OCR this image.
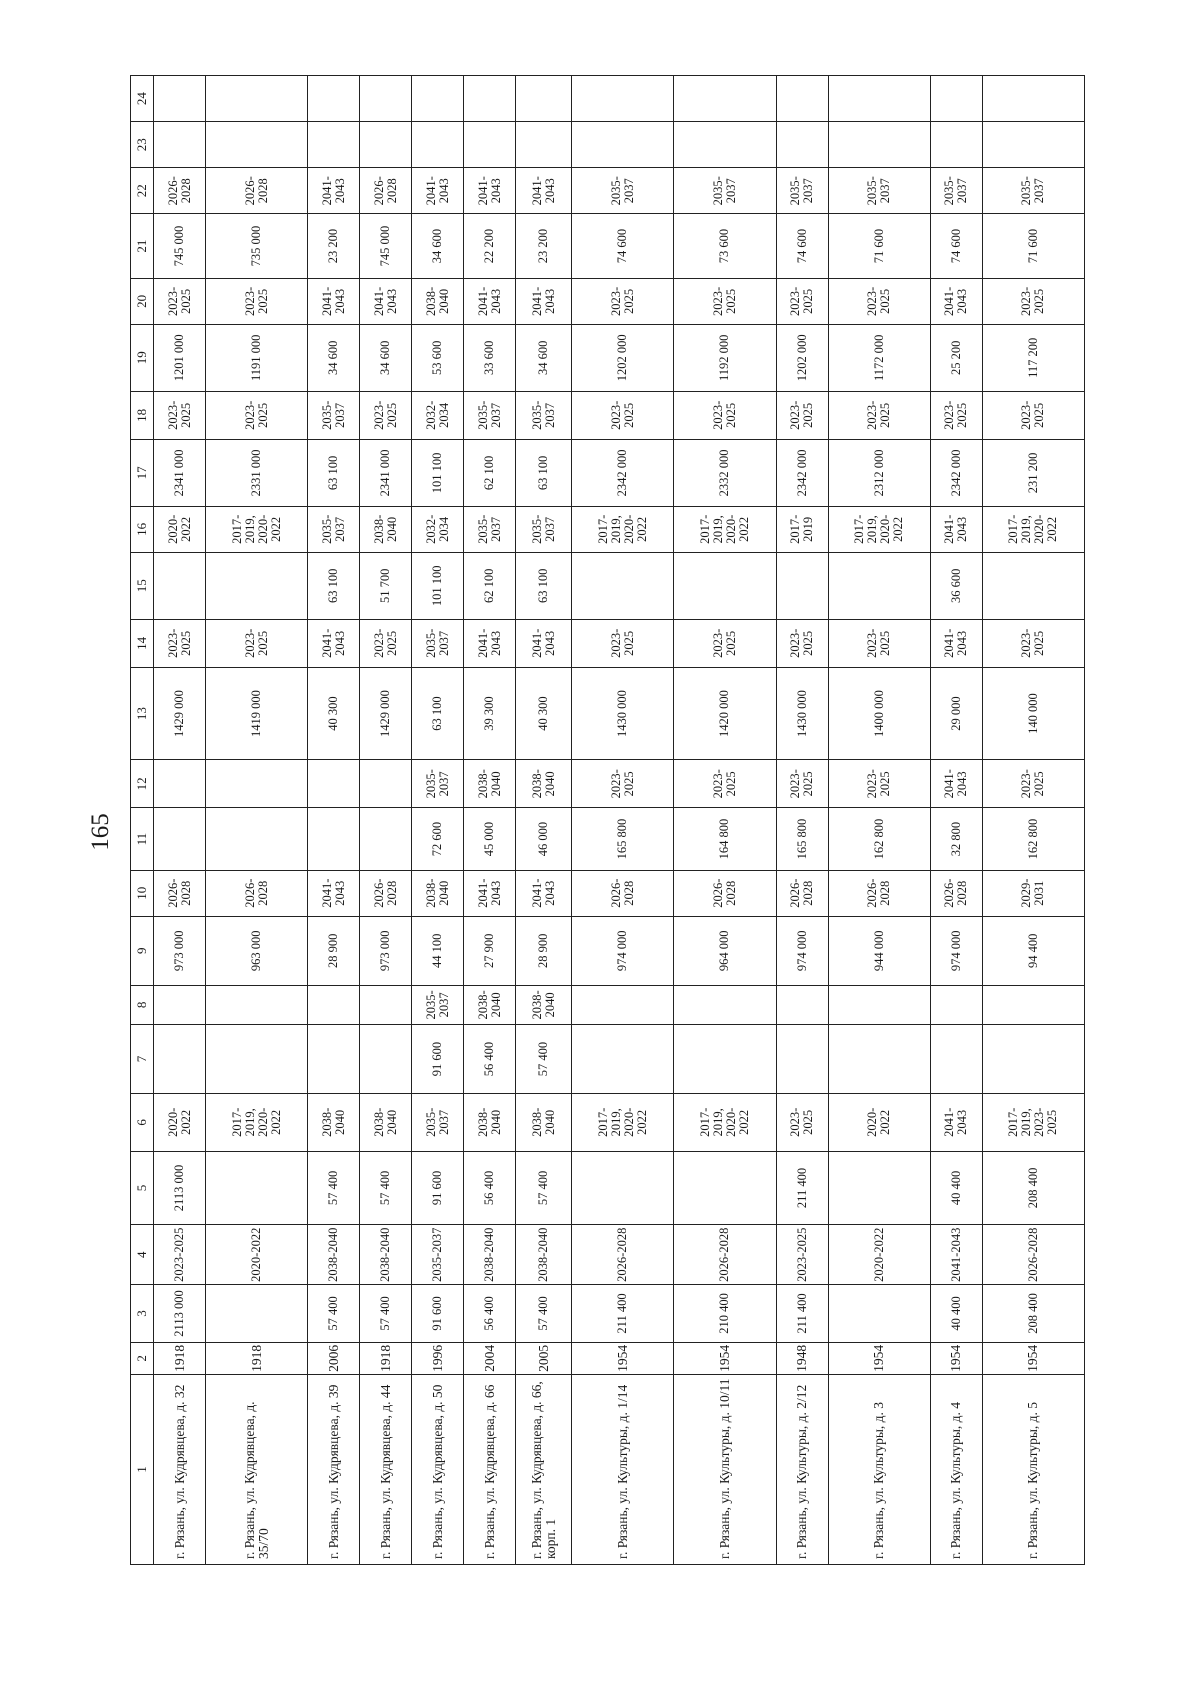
165
1	2	3	4	5	6	7	8	9	10	11	12	13	14	15	16	17	18	19	20	21	22	23	24
г. Рязань, ул. Кудрявцева, д. 32	1918	2113 000	2023-2025	2113 000	2020-2022			973 000	2026-2028			1429 000	2023-2025		2020-2022	2341 000	2023-2025	1201 000	2023-2025	745 000	2026-2028		
г. Рязань, ул. Кудрявцева, д. 35/70	1918		2020-2022		2017-2019, 2020-2022			963 000	2026-2028			1419 000	2023-2025		2017-2019, 2020-2022	2331 000	2023-2025	1191 000	2023-2025	735 000	2026-2028		
г. Рязань, ул. Кудрявцева, д. 39	2006	57 400	2038-2040	57 400	2038-2040			28 900	2041-2043			40 300	2041-2043	63 100	2035-2037	63 100	2035-2037	34 600	2041-2043	23 200	2041-2043		
г. Рязань, ул. Кудрявцева, д. 44	1918	57 400	2038-2040	57 400	2038-2040			973 000	2026-2028			1429 000	2023-2025	51 700	2038-2040	2341 000	2023-2025	34 600	2041-2043	745 000	2026-2028		
г. Рязань, ул. Кудрявцева, д. 50	1996	91 600	2035-2037	91 600	2035-2037	91 600	2035-2037	44 100	2038-2040	72 600	2035-2037	63 100	2035-2037	101 100	2032-2034	101 100	2032-2034	53 600	2038-2040	34 600	2041-2043		
г. Рязань, ул. Кудрявцева, д. 66	2004	56 400	2038-2040	56 400	2038-2040	56 400	2038-2040	27 900	2041-2043	45 000	2038-2040	39 300	2041-2043	62 100	2035-2037	62 100	2035-2037	33 600	2041-2043	22 200	2041-2043		
г. Рязань, ул. Кудрявцева, д. 66, корп. 1	2005	57 400	2038-2040	57 400	2038-2040	57 400	2038-2040	28 900	2041-2043	46 000	2038-2040	40 300	2041-2043	63 100	2035-2037	63 100	2035-2037	34 600	2041-2043	23 200	2041-2043		
г. Рязань, ул. Культуры, д. 1/14	1954	211 400	2026-2028		2017-2019, 2020-2022			974 000	2026-2028	165 800	2023-2025	1430 000	2023-2025		2017-2019, 2020-2022	2342 000	2023-2025	1202 000	2023-2025	74 600	2035-2037		
г. Рязань, ул. Культуры, д. 10/11	1954	210 400	2026-2028		2017-2019, 2020-2022			964 000	2026-2028	164 800	2023-2025	1420 000	2023-2025		2017-2019, 2020-2022	2332 000	2023-2025	1192 000	2023-2025	73 600	2035-2037		
г. Рязань, ул. Культуры, д. 2/12	1948	211 400	2023-2025	211 400	2023-2025			974 000	2026-2028	165 800	2023-2025	1430 000	2023-2025		2017-2019	2342 000	2023-2025	1202 000	2023-2025	74 600	2035-2037		
г. Рязань, ул. Культуры, д. 3	1954		2020-2022		2020-2022			944 000	2026-2028	162 800	2023-2025	1400 000	2023-2025		2017-2019, 2020-2022	2312 000	2023-2025	1172 000	2023-2025	71 600	2035-2037		
г. Рязань, ул. Культуры, д. 4	1954	40 400	2041-2043	40 400	2041-2043			974 000	2026-2028	32 800	2041-2043	29 000	2041-2043	36 600	2041-2043	2342 000	2023-2025	25 200	2041-2043	74 600	2035-2037		
г. Рязань, ул. Культуры, д. 5	1954	208 400	2026-2028	208 400	2017-2019, 2023-2025			94 400	2029-2031	162 800	2023-2025	140 000	2023-2025		2017-2019, 2020-2022	231 200	2023-2025	117 200	2023-2025	71 600	2035-2037		
